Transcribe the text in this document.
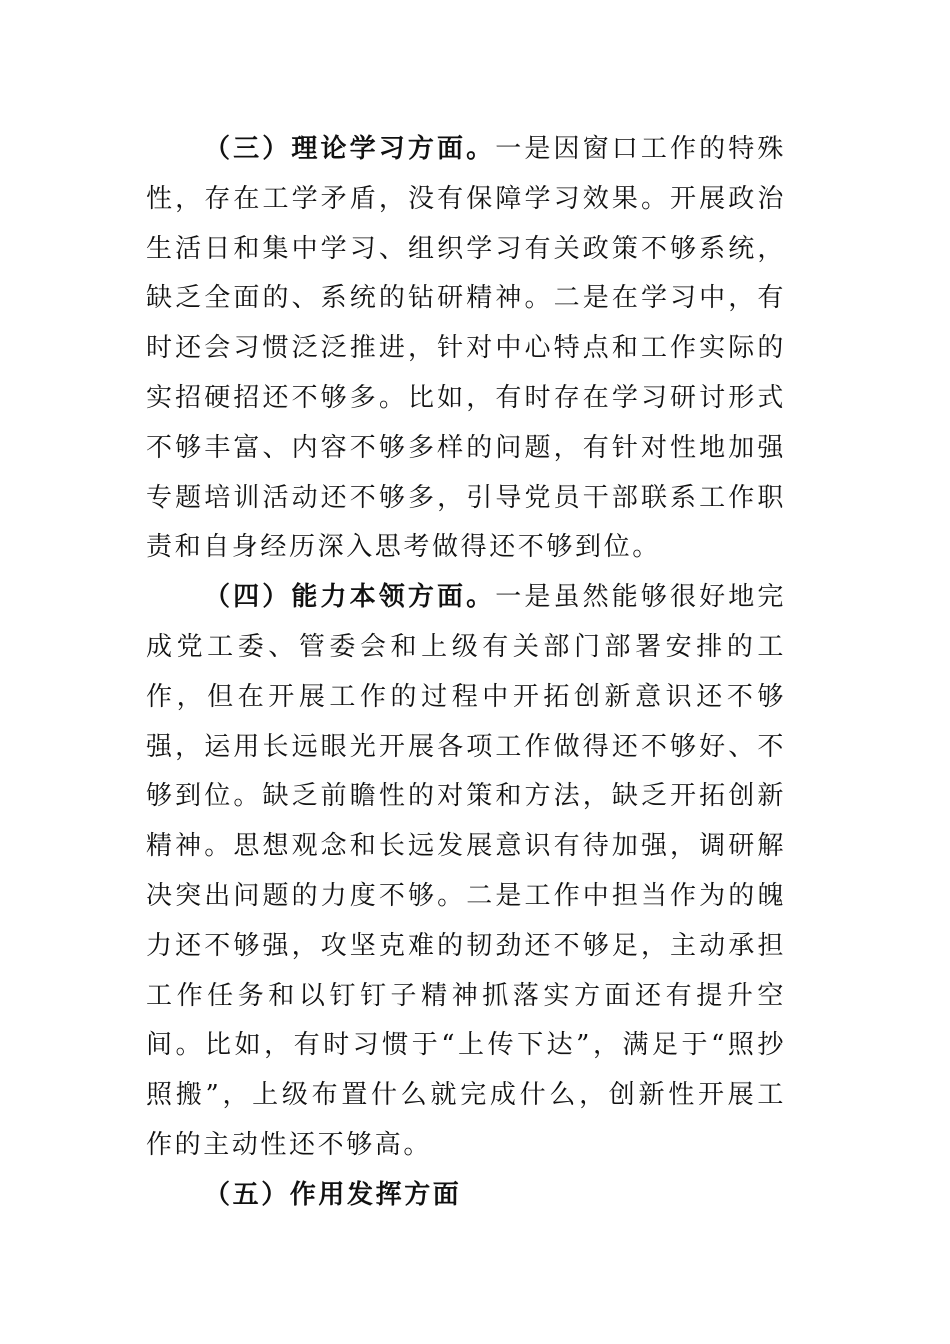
（三）理论学习方面。一是因窗口工作的特殊性，存在工学矛盾，没有保障学习效果。开展政治生活日和集中学习、组织学习有关政策不够系统，缺乏全面的、系统的钻研精神。二是在学习中，有时还会习惯泛泛推进，针对中心特点和工作实际的实招硬招还不够多。比如，有时存在学习研讨形式不够丰富、内容不够多样的问题，有针对性地加强专题培训活动还不够多，引导党员干部联系工作职责和自身经历深入思考做得还不够到位。

（四）能力本领方面。一是虽然能够很好地完成党工委、管委会和上级有关部门部署安排的工作，但在开展工作的过程中开拓创新意识还不够强，运用长远眼光开展各项工作做得还不够好、不够到位。缺乏前瞻性的对策和方法，缺乏开拓创新精神。思想观念和长远发展意识有待加强，调研解决突出问题的力度不够。二是工作中担当作为的魄力还不够强，攻坚克难的韧劲还不够足，主动承担工作任务和以钉钉子精神抓落实方面还有提升空间。比如，有时习惯于“上传下达”，满足于“照抄照搬”，上级布置什么就完成什么，创新性开展工作的主动性还不够高。

（五）作用发挥方面
